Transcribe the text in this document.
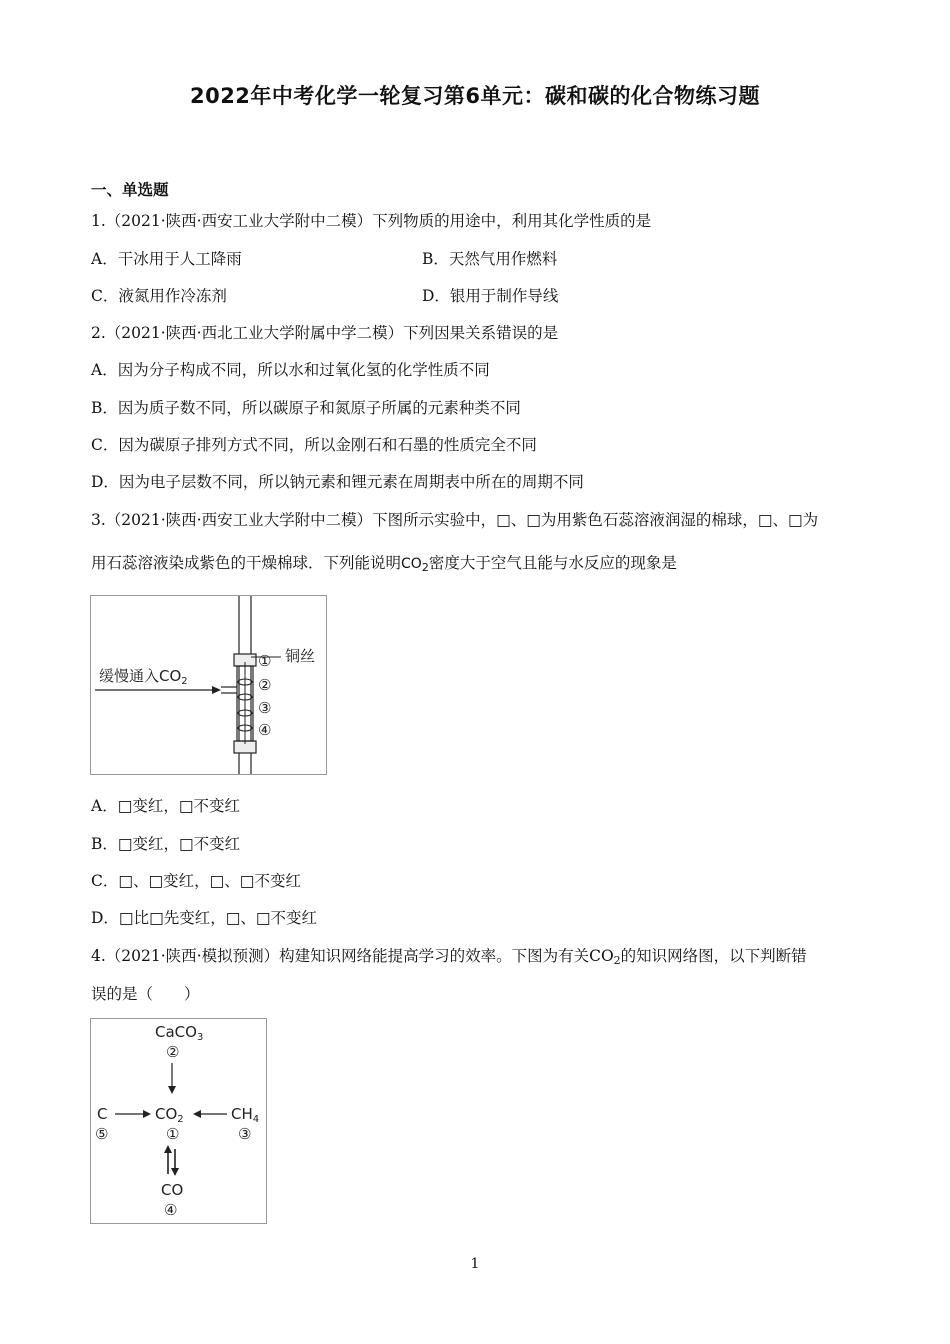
2022年中考化学一轮复习第6单元：碳和碳的化合物练习题
一、单选题
1.（2021·陕西·西安工业大学附中二模）下列物质的用途中，利用其化学性质的是
A．干冰用于人工降雨	B．天然气用作燃料
C．液氮用作冷冻剂	D．银用于制作导线
2.（2021·陕西·西北工业大学附属中学二模）下列因果关系错误的是
A．因为分子构成不同，所以水和过氧化氢的化学性质不同
B．因为质子数不同，所以碳原子和氮原子所属的元素种类不同
C．因为碳原子排列方式不同，所以金刚石和石墨的性质完全不同
D．因为电子层数不同，所以钠元素和锂元素在周期表中所在的周期不同
3.（2021·陕西·西安工业大学附中二模）下图所示实验中，□、□为用紫色石蕊溶液润湿的棉球，□、□为
用石蕊溶液染成紫色的干燥棉球．下列能说明$CO_2$密度大于空气且能与水反应的现象是
缓慢通入$CO_2$
铜丝
①
②
③
④
A．□变红，□不变红
B．□变红，□不变红
C．□、□变红，□、□不变红
D．□比□先变红，□、□不变红
4.（2021·陕西·模拟预测）构建知识网络能提高学习的效率。下图为有关$CO_2$的知识网络图，以下判断错
误的是（　　）
CaCO$_3$
②
C
⑤
$CO_2$
①
$CH_4$
③
CO
④
1
